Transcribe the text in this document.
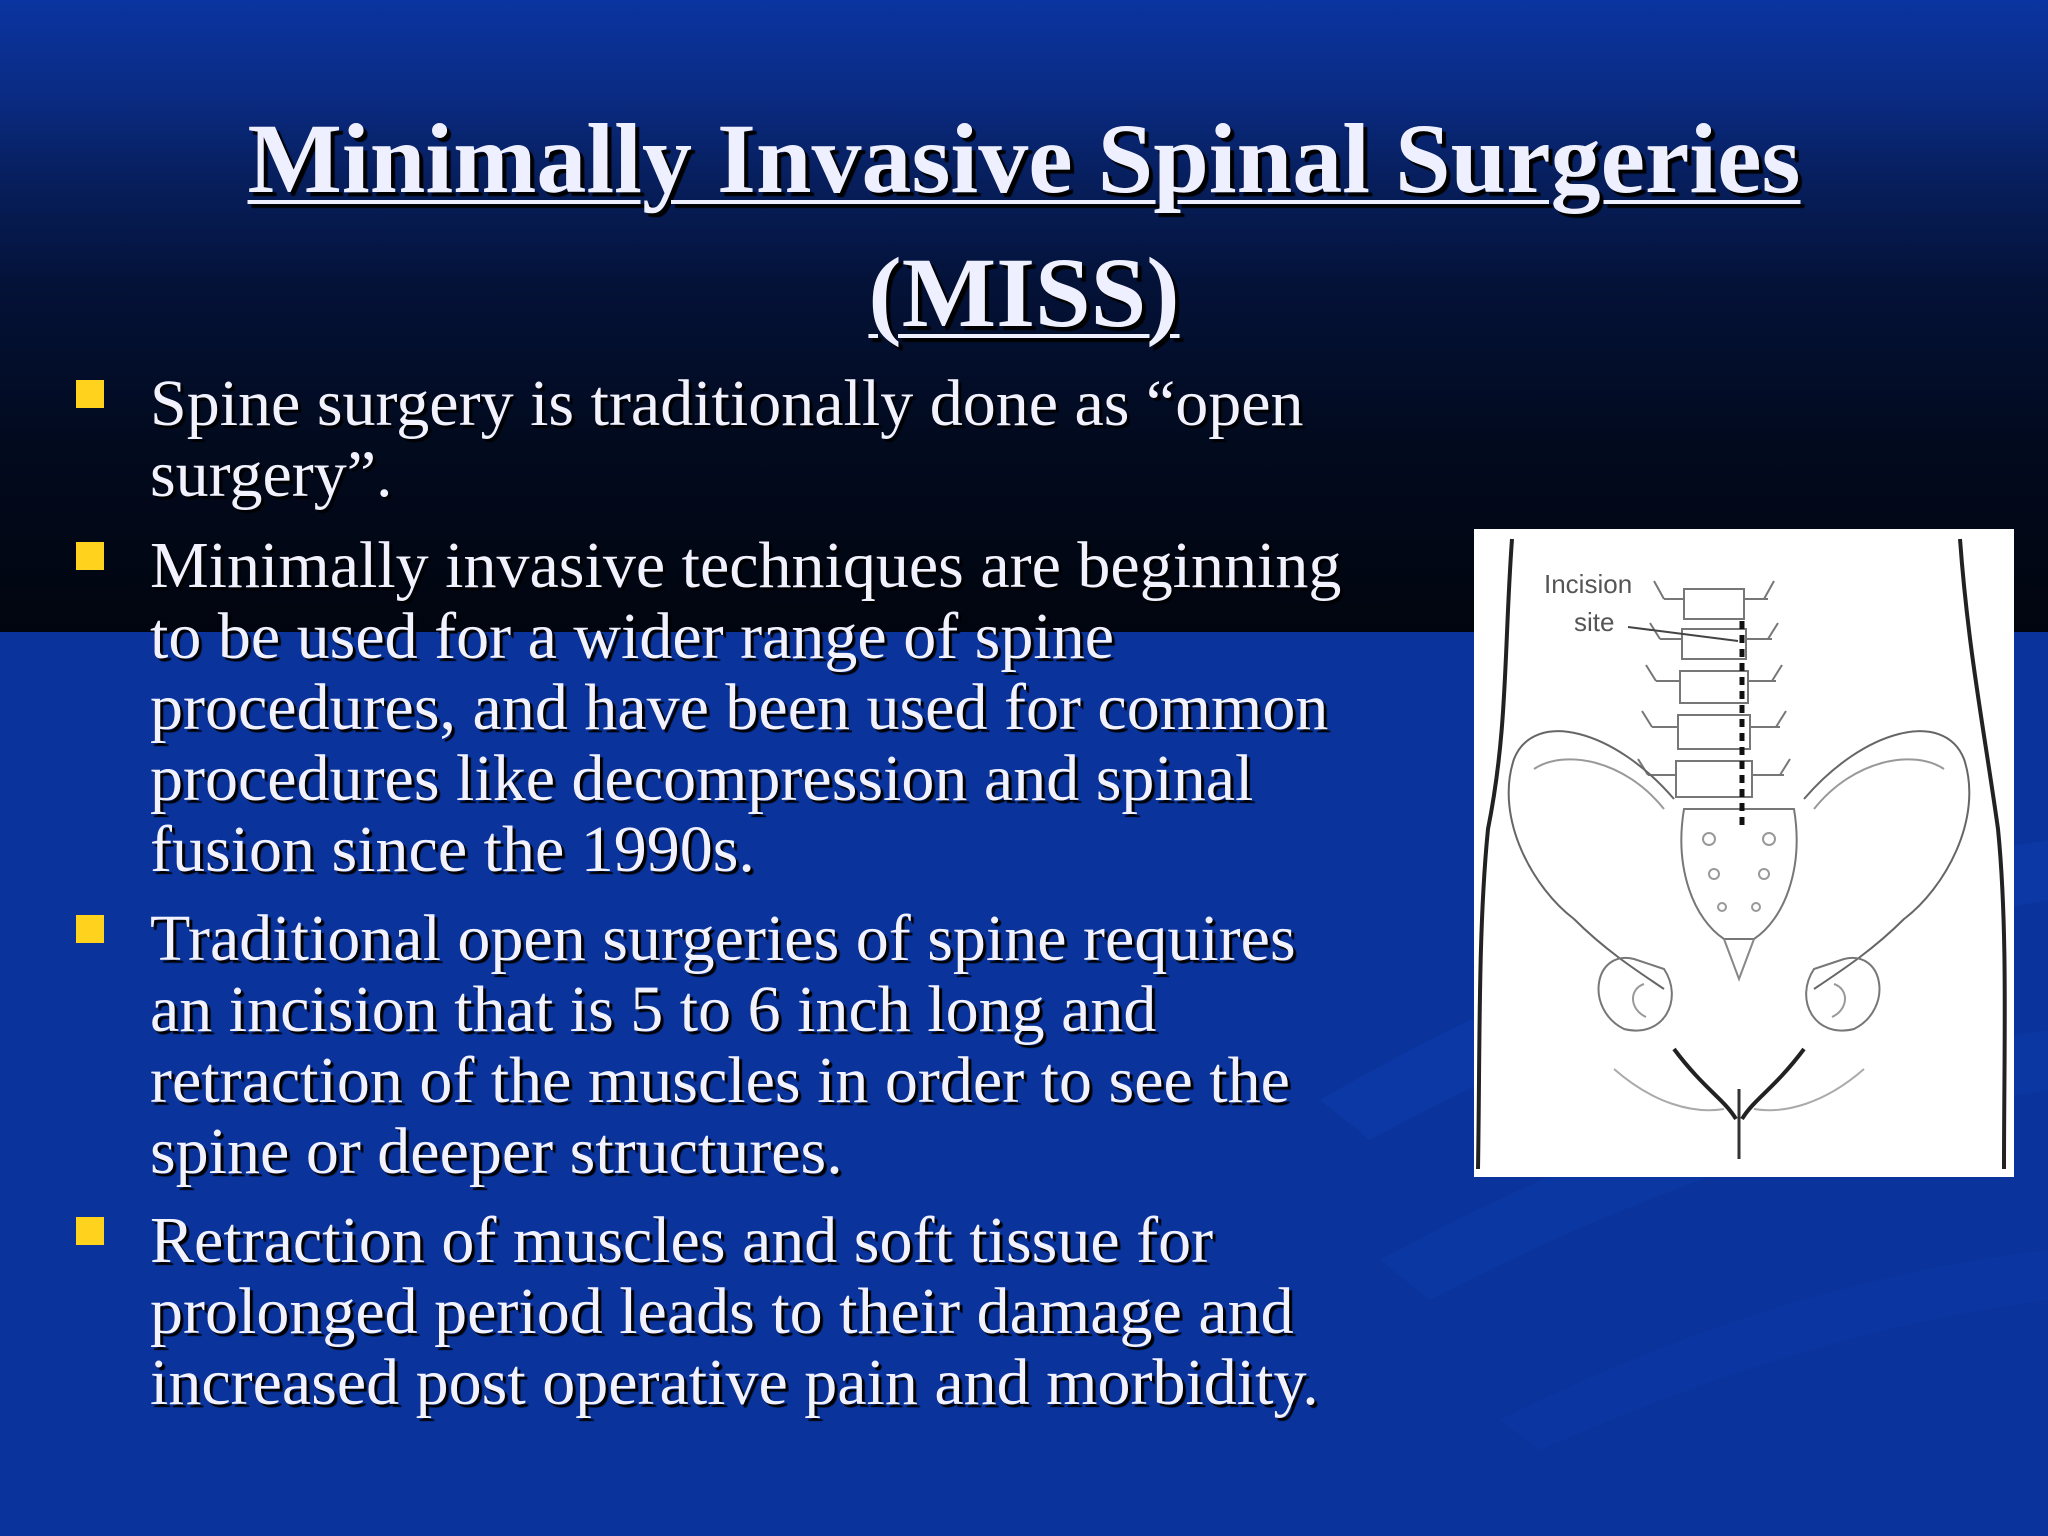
Minimally Invasive Spinal Surgeries
(MISS)
Spine surgery is traditionally done as “open
surgery”.
Minimally invasive techniques are beginning
to be used for a wider range of spine
procedures, and have been used for common
procedures like decompression and spinal
fusion since the 1990s.
Traditional open surgeries of spine requires
an incision that is 5 to 6 inch long and
retraction of the muscles in order to see the
spine or deeper structures.
Retraction of muscles and soft tissue for
prolonged period leads to their damage and
increased post operative pain and morbidity.
Incision
site
